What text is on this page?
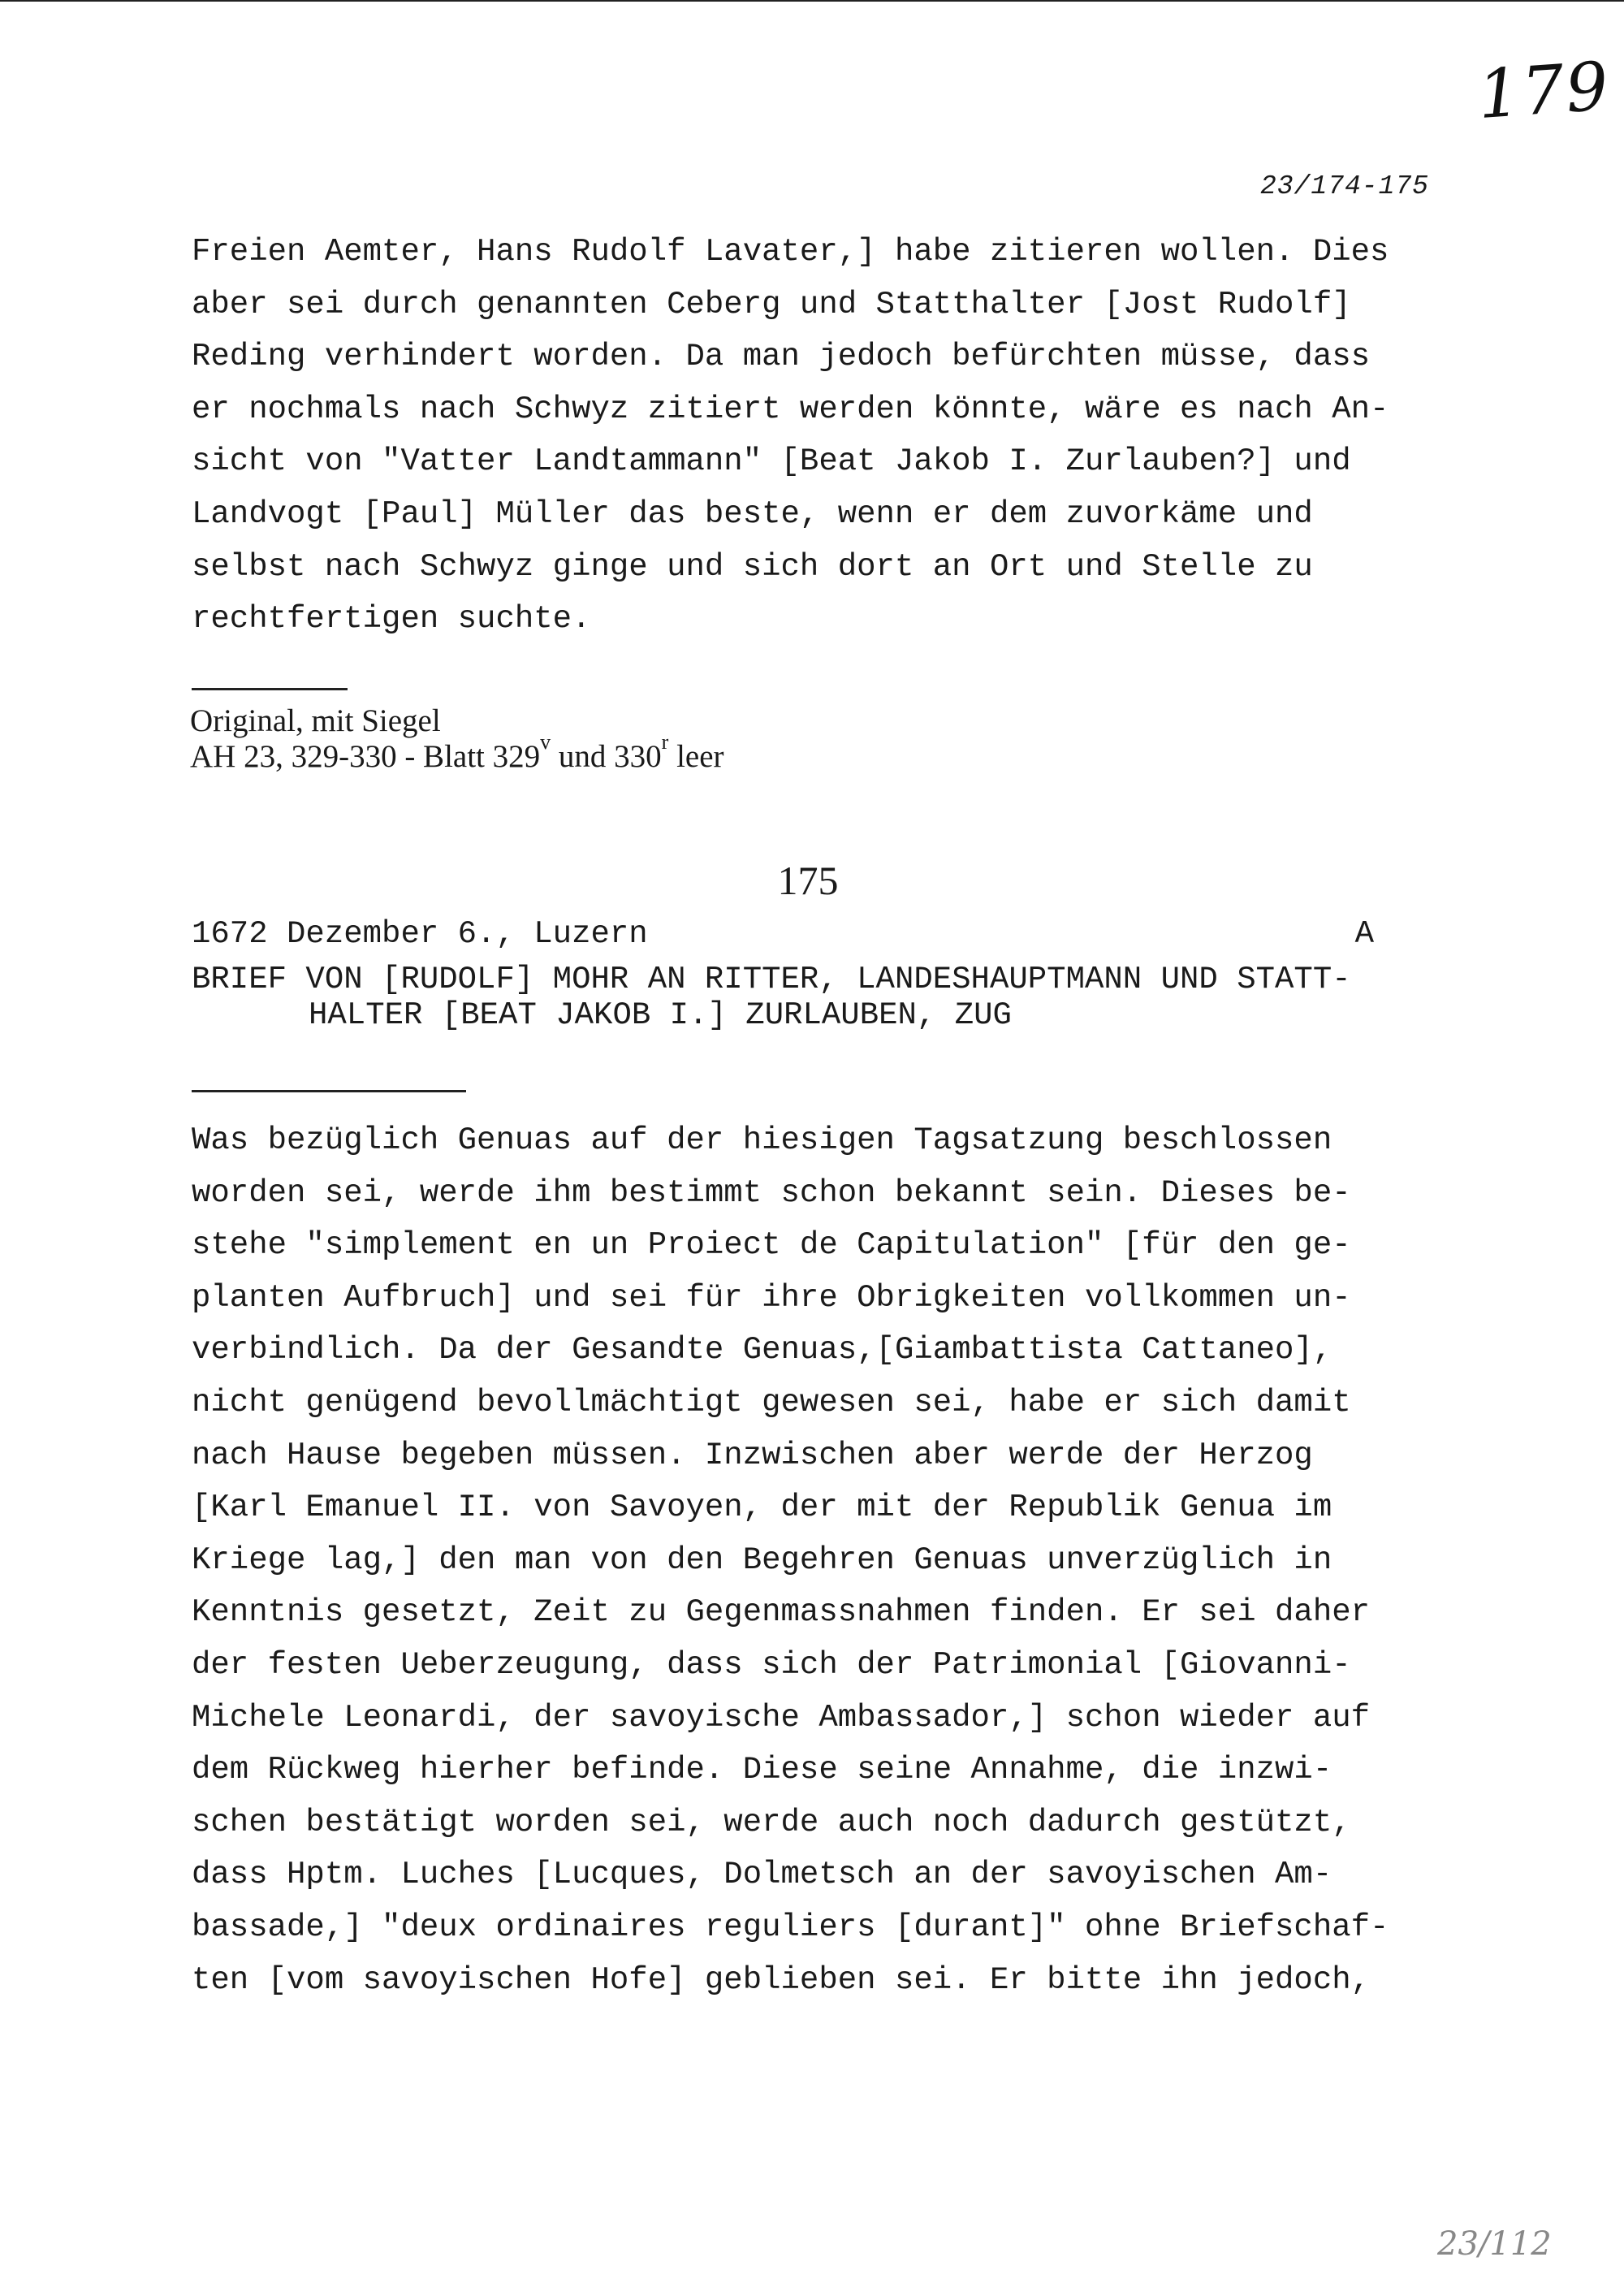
179
23/174-175
Freien Aemter, Hans Rudolf Lavater,] habe zitieren wollen. Dies
aber sei durch genannten Ceberg und Statthalter [Jost Rudolf]
Reding verhindert worden. Da man jedoch befürchten müsse, dass
er nochmals nach Schwyz zitiert werden könnte, wäre es nach An-
sicht von "Vatter Landtammann" [Beat Jakob I. Zurlauben?] und
Landvogt [Paul] Müller das beste, wenn er dem zuvorkäme und
selbst nach Schwyz ginge und sich dort an Ort und Stelle zu
rechtfertigen suchte.
Original, mit Siegel
AH 23, 329-330 - Blatt 329$^v$ und 330$^r$ leer
175
1672 Dezember 6., Luzern	A
BRIEF VON [RUDOLF] MOHR AN RITTER, LANDESHAUPTMANN UND STATT-
HALTER [BEAT JAKOB I.] ZURLAUBEN, ZUG
Was bezüglich Genuas auf der hiesigen Tagsatzung beschlossen
worden sei, werde ihm bestimmt schon bekannt sein. Dieses be-
stehe "simplement en un Proiect de Capitulation" [für den ge-
planten Aufbruch] und sei für ihre Obrigkeiten vollkommen un-
verbindlich. Da der Gesandte Genuas,[Giambattista Cattaneo],
nicht genügend bevollmächtigt gewesen sei, habe er sich damit
nach Hause begeben müssen. Inzwischen aber werde der Herzog
[Karl Emanuel II. von Savoyen, der mit der Republik Genua im
Kriege lag,] den man von den Begehren Genuas unverzüglich in
Kenntnis gesetzt, Zeit zu Gegenmassnahmen finden. Er sei daher
der festen Ueberzeugung, dass sich der Patrimonial [Giovanni-
Michele Leonardi, der savoyische Ambassador,] schon wieder auf
dem Rückweg hierher befinde. Diese seine Annahme, die inzwi-
schen bestätigt worden sei, werde auch noch dadurch gestützt,
dass Hptm. Luches [Lucques, Dolmetsch an der savoyischen Am-
bassade,] "deux ordinaires reguliers [durant]" ohne Briefschaf-
ten [vom savoyischen Hofe] geblieben sei. Er bitte ihn jedoch,
23/112
